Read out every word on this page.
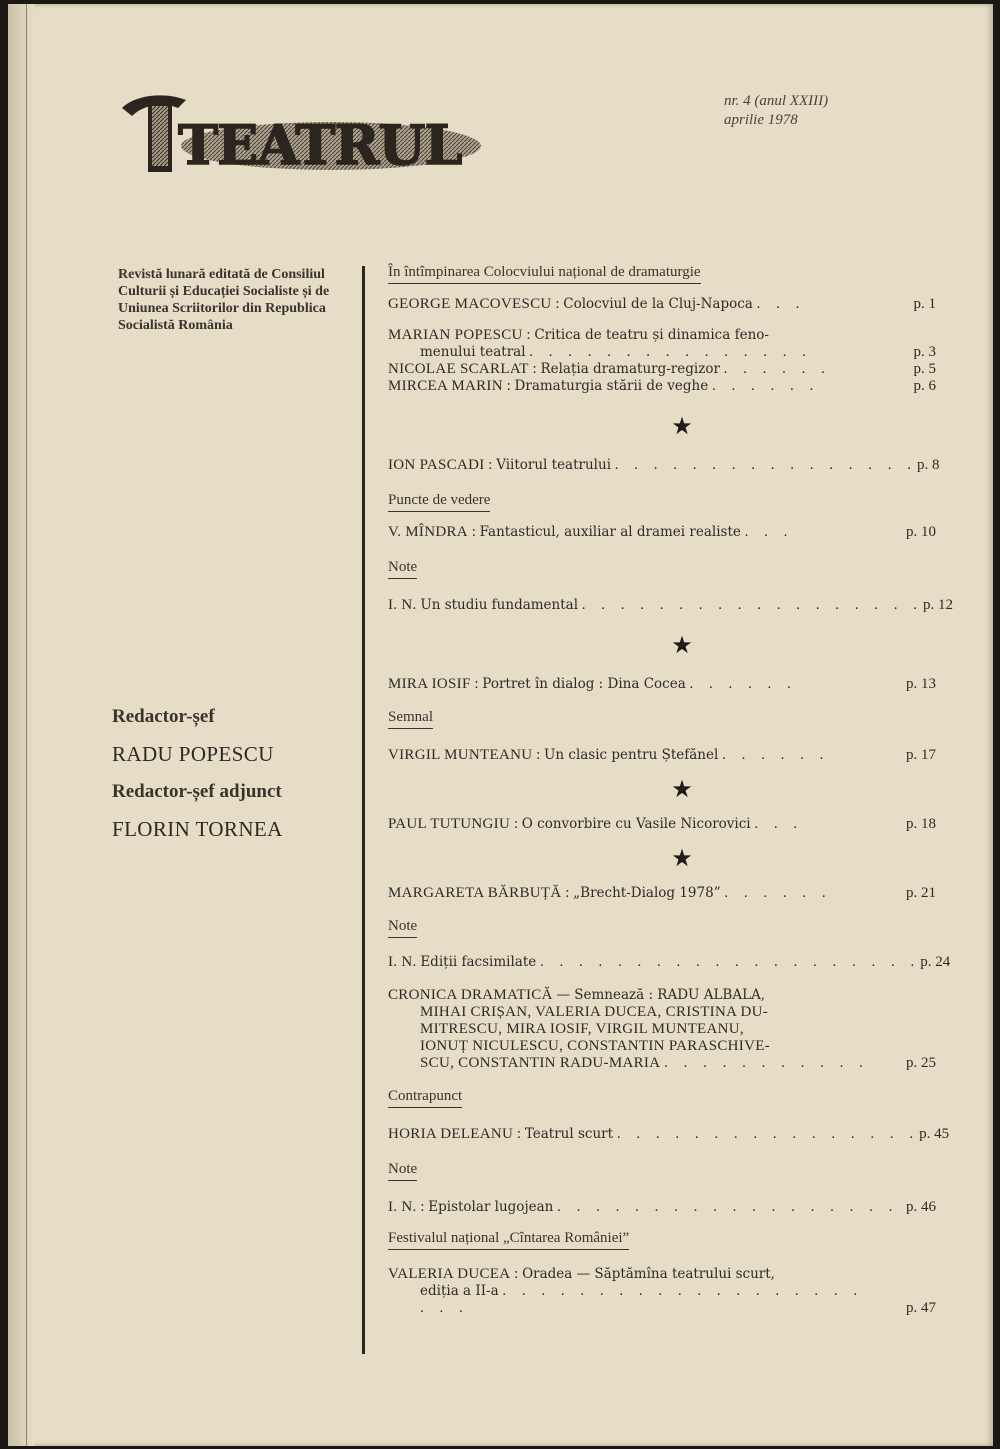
TEATRUL
nr. 4 (anul XXIII)
aprilie 1978
Revistă lunară editată de Consiliul Culturii și Educației Socialiste și de Uniunea Scriitorilor din Republica Socialistă România
Redactor-șef
RADU POPESCU
Redactor-șef adjunct
FLORIN TORNEA
În întîmpinarea Colocviului național de dramaturgie
GEORGE MACOVESCU : Colocviul de la Cluj-Napoca . . .	p. 1
MARIAN POPESCU : Critica de teatru și dinamica feno-
menului teatral . . . . . . . . . . . . . . .	p. 3
NICOLAE SCARLAT : Relația dramaturg-regizor . . . . . .	p. 5
MIRCEA MARIN : Dramaturgia stării de veghe . . . . . .	p. 6
★
ION PASCADI : Viitorul teatrului . . . . . . . . . . . . . . . . p. 8
Puncte de vedere
V. MÎNDRA : Fantasticul, auxiliar al dramei realiste . . .	p. 10
Note
I. N. Un studiu fundamental . . . . . . . . . . . . . . . . . . p. 12
★
MIRA IOSIF : Portret în dialog : Dina Cocea . . . . . .	p. 13
Semnal
VIRGIL MUNTEANU : Un clasic pentru Ștefănel . . . . . .	p. 17
★
PAUL TUTUNGIU : O convorbire cu Vasile Nicorovici . . .	p. 18
★
MARGARETA BĂRBUȚĂ : „Brecht-Dialog 1978” . . . . . .	p. 21
Note
I. N. Ediții facsimilate . . . . . . . . . . . . . . . . . . . . p. 24
CRONICA DRAMATICĂ — Semnează : RADU ALBALA,
MIHAI CRIȘAN, VALERIA DUCEA, CRISTINA DU-
MITRESCU, MIRA IOSIF, VIRGIL MUNTEANU,
IONUȚ NICULESCU, CONSTANTIN PARASCHIVE-
SCU, CONSTANTIN RADU-MARIA . . . . . . . . . . .	p. 25
Contrapunct
HORIA DELEANU : Teatrul scurt . . . . . . . . . . . . . . . . p. 45
Note
I. N. : Epistolar lugojean . . . . . . . . . . . . . . . . . . p. 46
Festivalul național „Cîntarea României”
VALERIA DUCEA : Oradea — Săptămîna teatrului scurt,
ediția a II-a . . . . . . . . . . . . . . . . . . . . . .	p. 47
